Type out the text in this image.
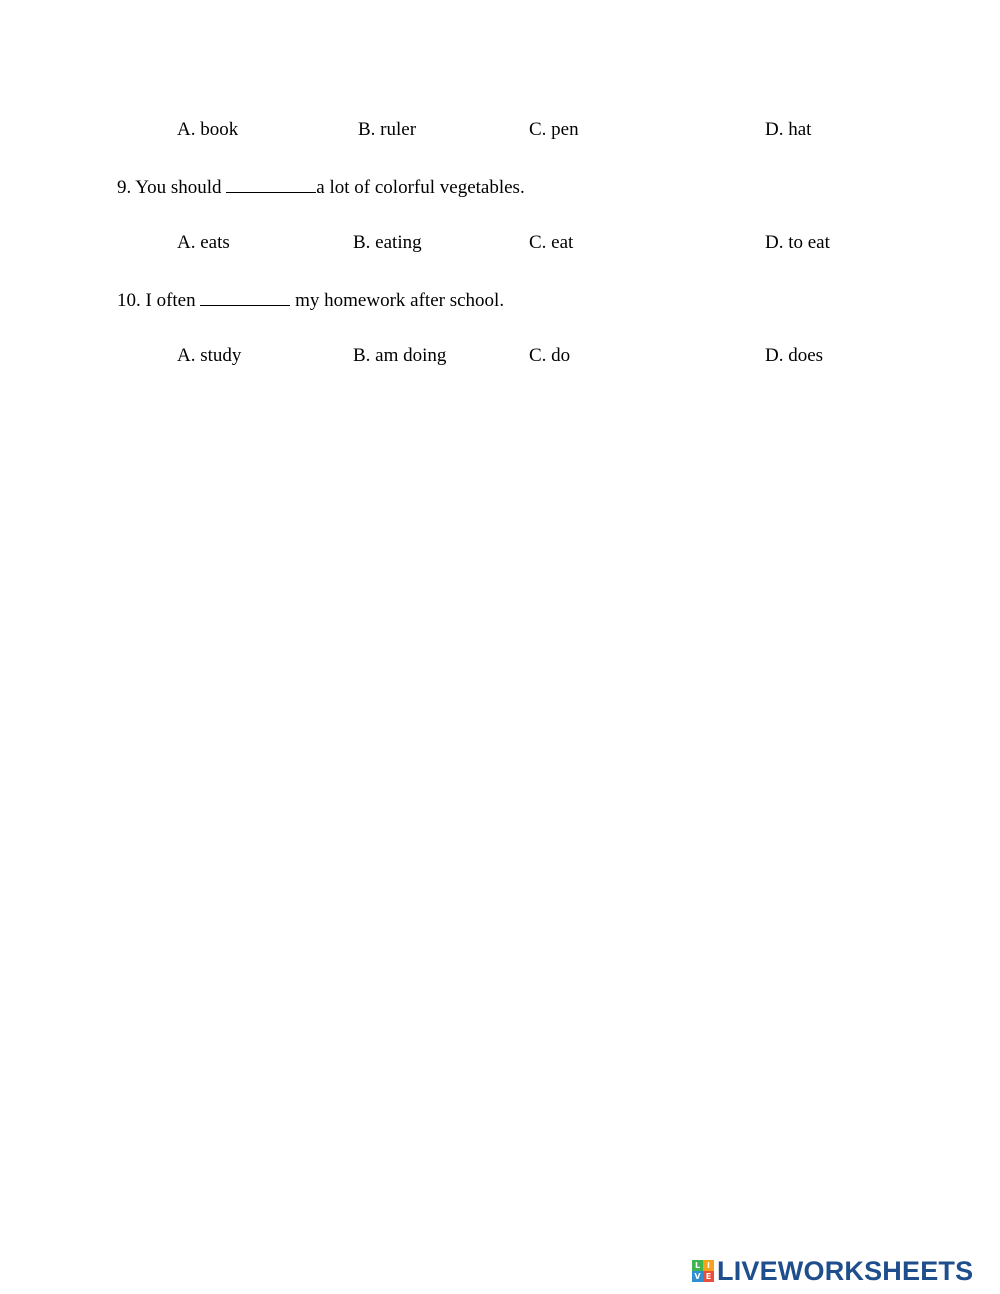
A. book	B. ruler	C. pen	D. hat
9. You should	a lot of colorful vegetables.
A. eats	B. eating	C. eat	D. to eat
10. I often	my homework after school.
A. study	B. am doing	C. do	D. does
L I
V E LIVEWORKSHEETS
